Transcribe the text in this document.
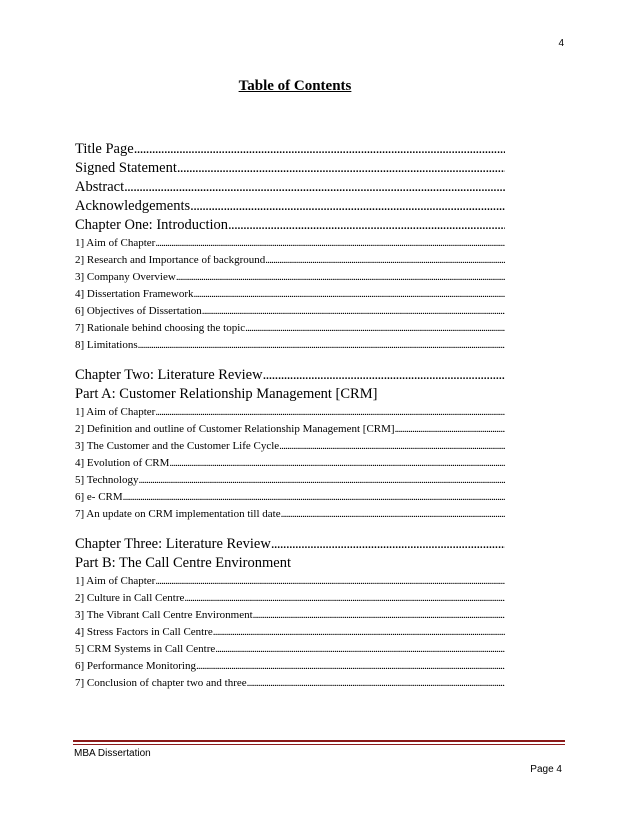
4
Table of Contents
Title Page
.....
Signed Statement
.....
Abstract
.....
Acknowledgements
.....
Chapter One: Introduction
.....
1] Aim of Chapter
.....
2] Research and Importance of background
.....
3] Company Overview
.....
4] Dissertation Framework
.....
6] Objectives of Dissertation
.....
7] Rationale behind choosing the topic
.....
8] Limitations
.....
Chapter Two: Literature Review
.....
Part A: Customer Relationship Management [CRM]
1] Aim of Chapter
.....
2] Definition and outline of Customer Relationship Management [CRM]
.....
3] The Customer and the Customer Life Cycle
.....
4] Evolution of CRM
.....
5] Technology
.....
6] e- CRM
.....
7] An update on CRM implementation till date
.....
Chapter Three: Literature Review
.....
Part B: The Call Centre Environment
1] Aim of Chapter
.....
2] Culture in Call Centre
.....
3] The Vibrant Call Centre Environment
.....
4] Stress Factors in Call Centre
.....
5] CRM Systems in Call Centre
.....
6] Performance Monitoring
.....
7] Conclusion of chapter two and three
.....
MBA Dissertation
Page 4
